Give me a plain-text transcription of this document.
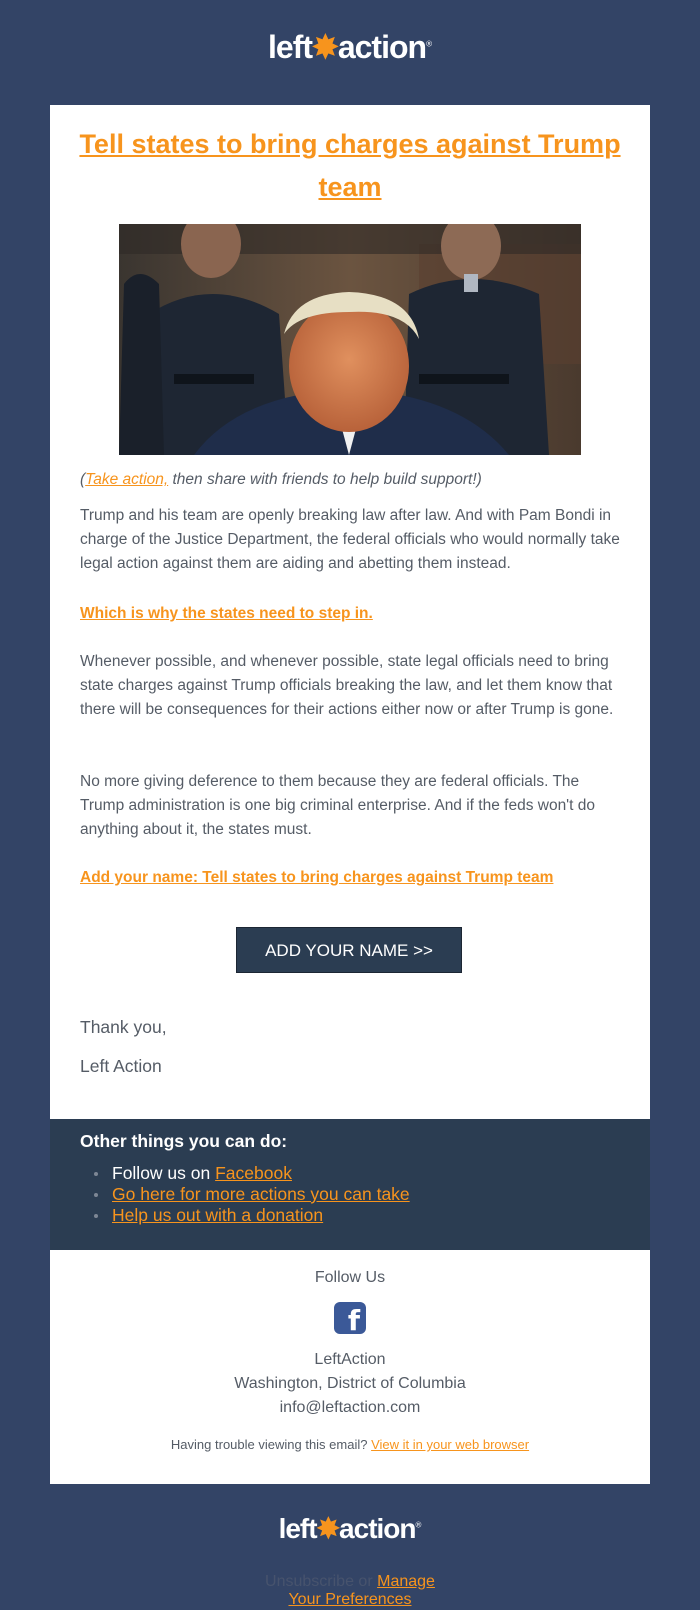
left✸action®
Tell states to bring charges against Trump team
(Take action, then share with friends to help build support!)
Trump and his team are openly breaking law after law. And with Pam Bondi in charge of the Justice Department, the federal officials who would normally take legal action against them are aiding and abetting them instead.
Which is why the states need to step in.
Whenever possible, and whenever possible, state legal officials need to bring state charges against Trump officials breaking the law, and let them know that there will be consequences for their actions either now or after Trump is gone.
No more giving deference to them because they are federal officials. The Trump administration is one big criminal enterprise. And if the feds won't do anything about it, the states must.
Add your name: Tell states to bring charges against Trump team
ADD YOUR NAME >>
Thank you,
Left Action
Other things you can do:
Follow us on Facebook
Go here for more actions you can take
Help us out with a donation
Follow Us
f
LeftAction
Washington, District of Columbia
info@leftaction.com
Having trouble viewing this email? View it in your web browser
left✸action®
Unsubscribe or Manage
Your Preferences
